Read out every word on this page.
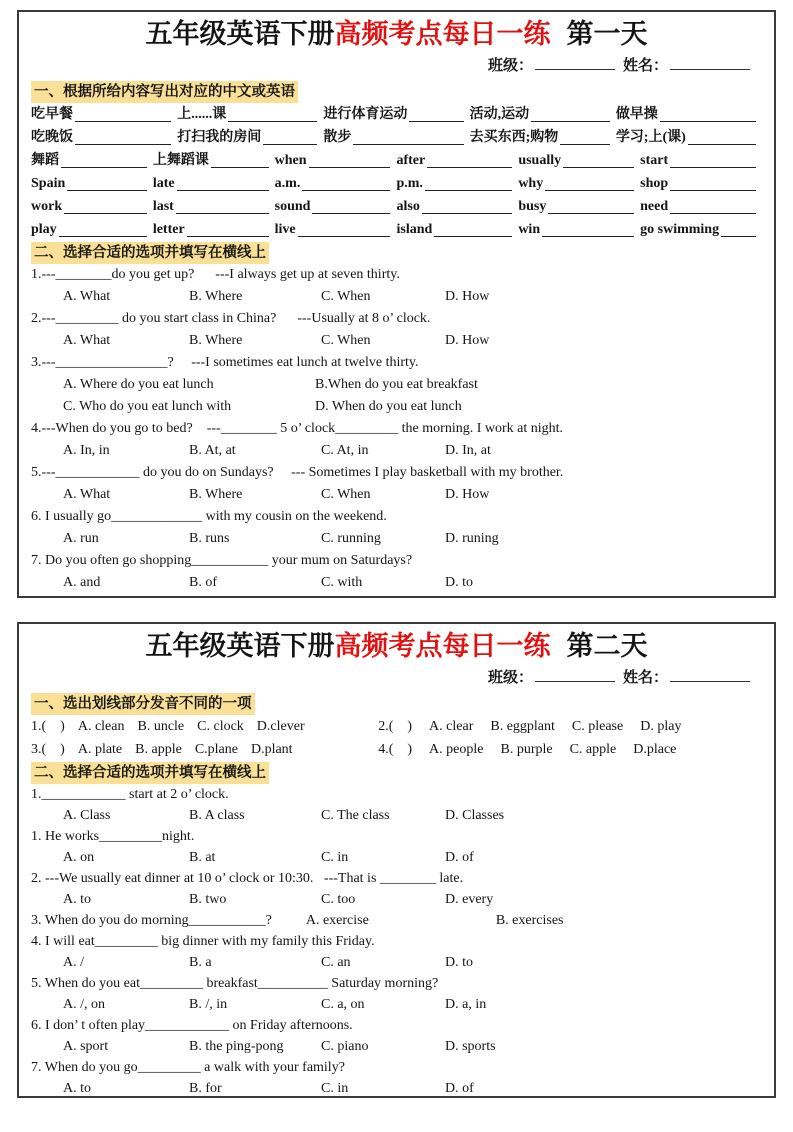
五年级英语下册高频考点每日一练 第一天
班级：	姓名：
一、根据所给内容写出对应的中文或英语
吃早餐	上......课	进行体育运动	活动,运动	做早操
吃晚饭	打扫我的房间	散步	去买东西;购物	学习;上(课)
舞蹈	上舞蹈课	when	after	usually	start
Spain	late	a.m.	p.m.	why	shop
work	last	sound	also	busy	need
play	letter	live	island	win	go swimming
二、选择合适的选项并填写在横线上
1.---________do you get up?      ---I always get up at seven thirty.
A. What	B. Where	C. When	D. How
2.---_________ do you start class in China?      ---Usually at 8 o’ clock.
A. What	B. Where	C. When	D. How
3.---________________?     ---I sometimes eat lunch at twelve thirty.
A. Where do you eat lunch	B.When do you eat breakfast
C. Who do you eat lunch with	D. When do you eat lunch
4.---When do you go to bed?    ---________ 5 o’ clock_________ the morning. I work at night.
A. In, in	B. At, at	C. At, in	D. In, at
5.---____________ do you do on Sundays?     --- Sometimes I play basketball with my brother.
A. What	B. Where	C. When	D. How
6. I usually go_____________ with my cousin on the weekend.
A. run	B. runs	C. running	D. runing
7. Do you often go shopping___________ your mum on Saturdays?
A. and	B. of	C. with	D. to
五年级英语下册高频考点每日一练 第二天
班级：	姓名：
一、选出划线部分发音不同的一项
1.(　) A. clean B. uncle C. clock D.clever	2.(　) A. clear B. eggplant C. please D. play
3.(　) A. plate B. apple C.plane D.plant	4.(　) A. people B. purple C. apple D.place
二、选择合适的选项并填写在横线上
1.____________ start at 2 o’ clock.
A. Class	B. A class	C. The class	D. Classes
1. He works_________night.
A. on	B. at	C. in	D. of
2. ---We usually eat dinner at 10 o’ clock or 10:30.   ---That is ________ late.
A. to	B. two	C. too	D. every
3. When do you do morning___________? A. exercise	B. exercises
4. I will eat_________ big dinner with my family this Friday.
A. /	B. a	C. an	D. to
5. When do you eat_________ breakfast__________ Saturday morning?
A. /, on	B. /, in	C. a, on	D. a, in
6. I don’ t often play____________ on Friday afternoons.
A. sport	B. the ping-pong	C. piano	D. sports
7. When do you go_________ a walk with your family?
A. to	B. for	C. in	D. of
